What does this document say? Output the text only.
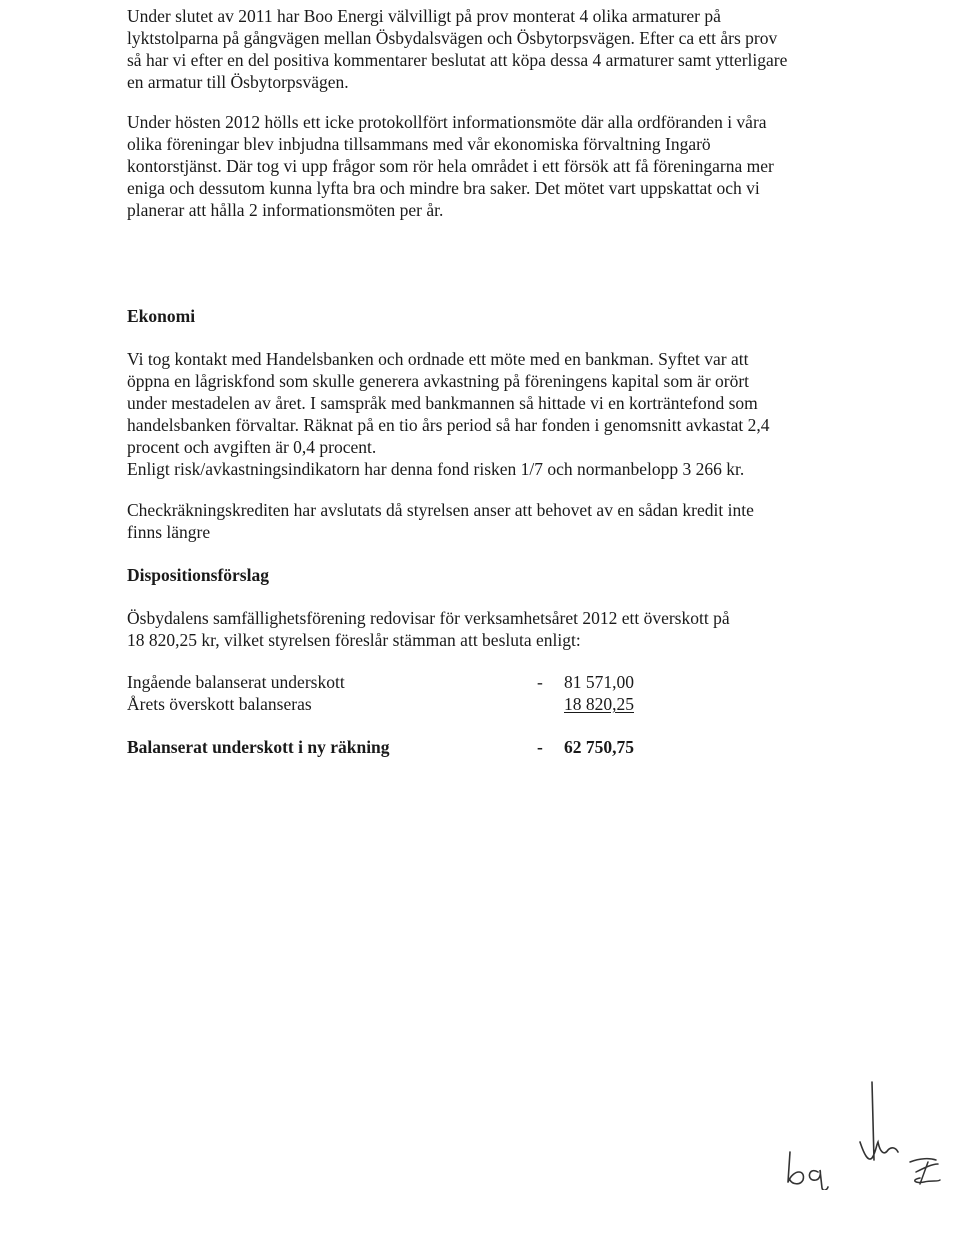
Under slutet av 2011 har Boo Energi välvilligt på prov monterat 4 olika armaturer på
lyktstolparna på gångvägen mellan Ösbydalsvägen och Ösbytorpsvägen. Efter ca ett års prov
så har vi efter en del positiva kommentarer beslutat att köpa dessa 4 armaturer samt ytterligare
en armatur till Ösbytorpsvägen.

Under hösten 2012 hölls ett icke protokollfört informationsmöte där alla ordföranden i våra
olika föreningar blev inbjudna tillsammans med vår ekonomiska förvaltning Ingarö
kontorstjänst. Där tog vi upp frågor som rör hela området i ett försök att få föreningarna mer
eniga och dessutom kunna lyfta bra och mindre bra saker. Det mötet vart uppskattat och vi
planerar att hålla 2 informationsmöten per år.

Ekonomi

Vi tog kontakt med Handelsbanken och ordnade ett möte med en bankman. Syftet var att
öppna en lågriskfond som skulle generera avkastning på föreningens kapital som är orört
under mestadelen av året. I samspråk med bankmannen så hittade vi en korträntefond som
handelsbanken förvaltar. Räknat på en tio års period så har fonden i genomsnitt avkastat 2,4
procent och avgiften är 0,4 procent.
Enligt risk/avkastningsindikatorn har denna fond risken 1/7 och normanbelopp 3 266 kr.

Checkräkningskrediten har avslutats då styrelsen anser att behovet av en sådan kredit inte
finns längre

Dispositionsförslag

Ösbydalens samfällighetsförening redovisar för verksamhetsåret 2012 ett överskott på
18 820,25 kr, vilket styrelsen föreslår stämman att besluta enligt:

Ingående balanserat underskott	- 81 571,00
Årets överskott balanseras	18 820,25
Balanserat underskott i ny räkning	- 62 750,75
